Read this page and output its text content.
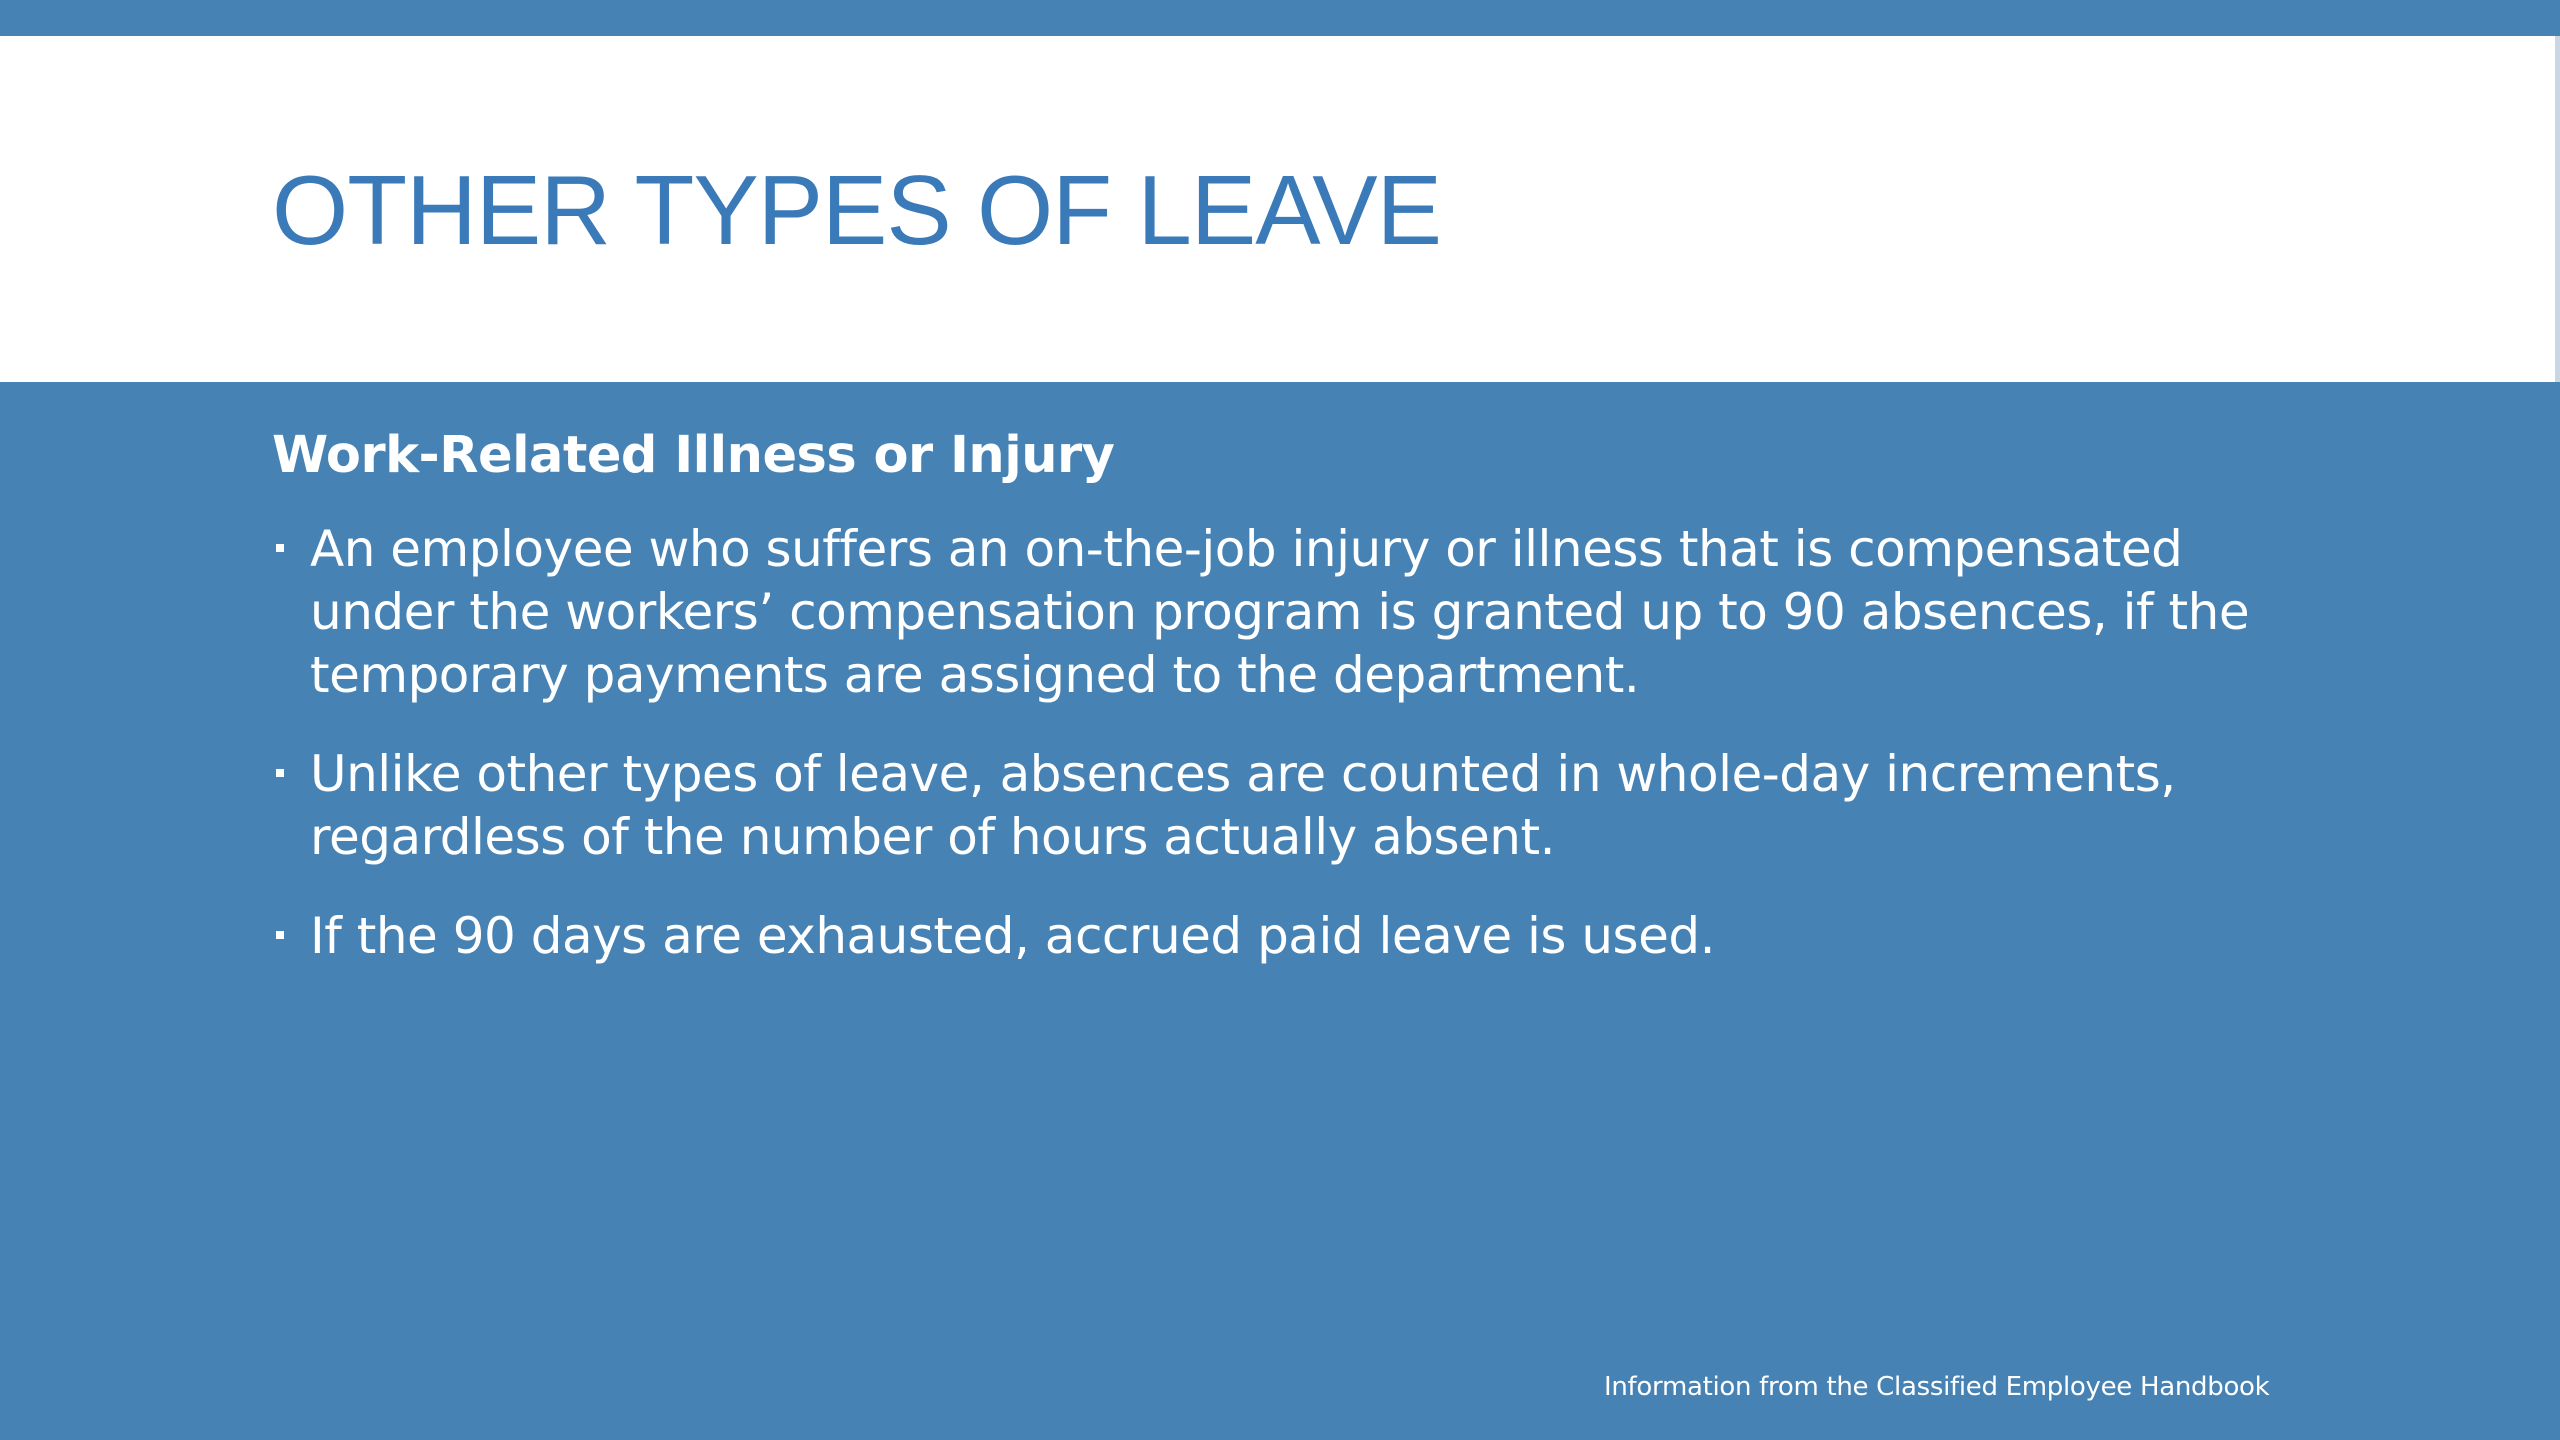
OTHER TYPES OF LEAVE
Work-Related Illness or Injury
An employee who suffers an on-the-job injury or illness that is compensated under the workers’ compensation program is granted up to 90 absences, if the temporary payments are assigned to the department.
Unlike other types of leave, absences are counted in whole-day increments, regardless of the number of hours actually absent.
If the 90 days are exhausted, accrued paid leave is used.
Information from the Classified Employee Handbook
